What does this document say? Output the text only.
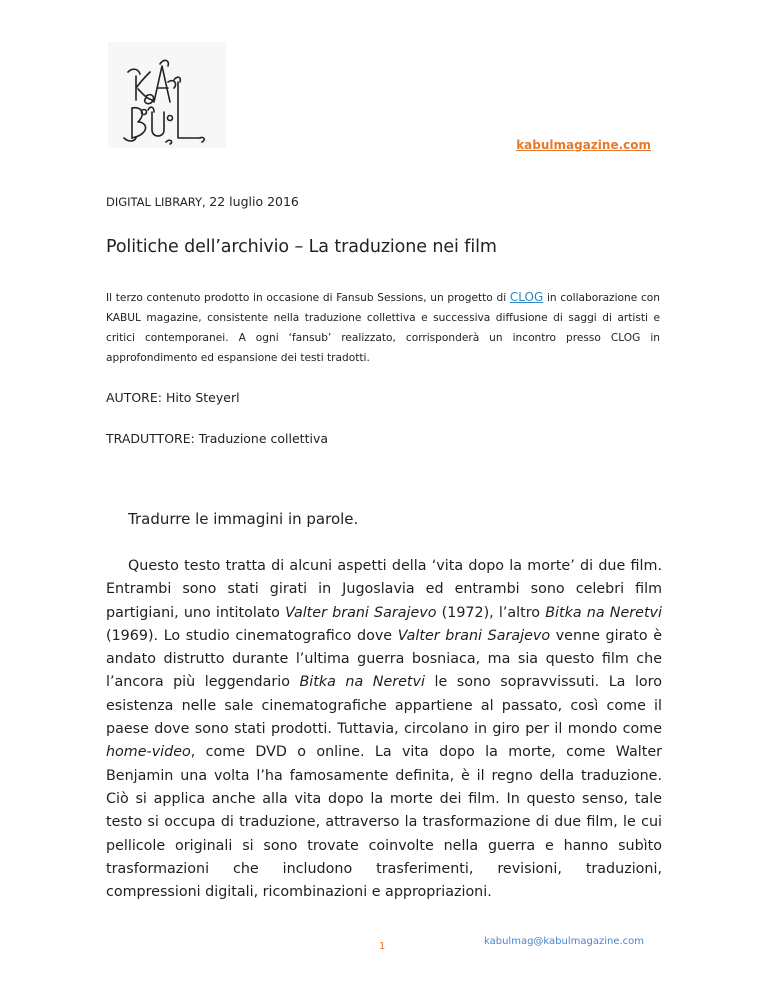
kabulmagazine.com
DIGITAL LIBRARY, 22 luglio 2016
Politiche dell’archivio – La traduzione nei film

Il terzo contenuto prodotto in occasione di Fansub Sessions, un progetto di CLOG in collaborazione con KABUL magazine, consistente nella traduzione collettiva e successiva diffusione di saggi di artisti e critici contemporanei. A ogni ‘fansub’ realizzato, corrisponderà un incontro presso CLOG in approfondimento ed espansione dei testi tradotti.

AUTORE: Hito Steyerl
TRADUTTORE: Traduzione collettiva
Tradurre le immagini in parole.

Questo testo tratta di alcuni aspetti della ‘vita dopo la morte’ di due film. Entrambi sono stati girati in Jugoslavia ed entrambi sono celebri film partigiani, uno intitolato Valter brani Sarajevo (1972), l’altro Bitka na Neretvi (1969). Lo studio cinematografico dove Valter brani Sarajevo venne girato è andato distrutto durante l’ultima guerra bosniaca, ma sia questo film che l’ancora più leggendario Bitka na Neretvi le sono sopravvissuti. La loro esistenza nelle sale cinematografiche appartiene al passato, così come il paese dove sono stati prodotti. Tuttavia, circolano in giro per il mondo come home-video, come DVD o online. La vita dopo la morte, come Walter Benjamin una volta l’ha famosamente definita, è il regno della traduzione. Ciò si applica anche alla vita dopo la morte dei film. In questo senso, tale testo si occupa di traduzione, attraverso la trasformazione di due film, le cui pellicole originali si sono trovate coinvolte nella guerra e hanno subìto trasformazioni che includono trasferimenti, revisioni, traduzioni, compressioni digitali, ricombinazioni e appropriazioni.

1	kabulmag@kabulmagazine.com
